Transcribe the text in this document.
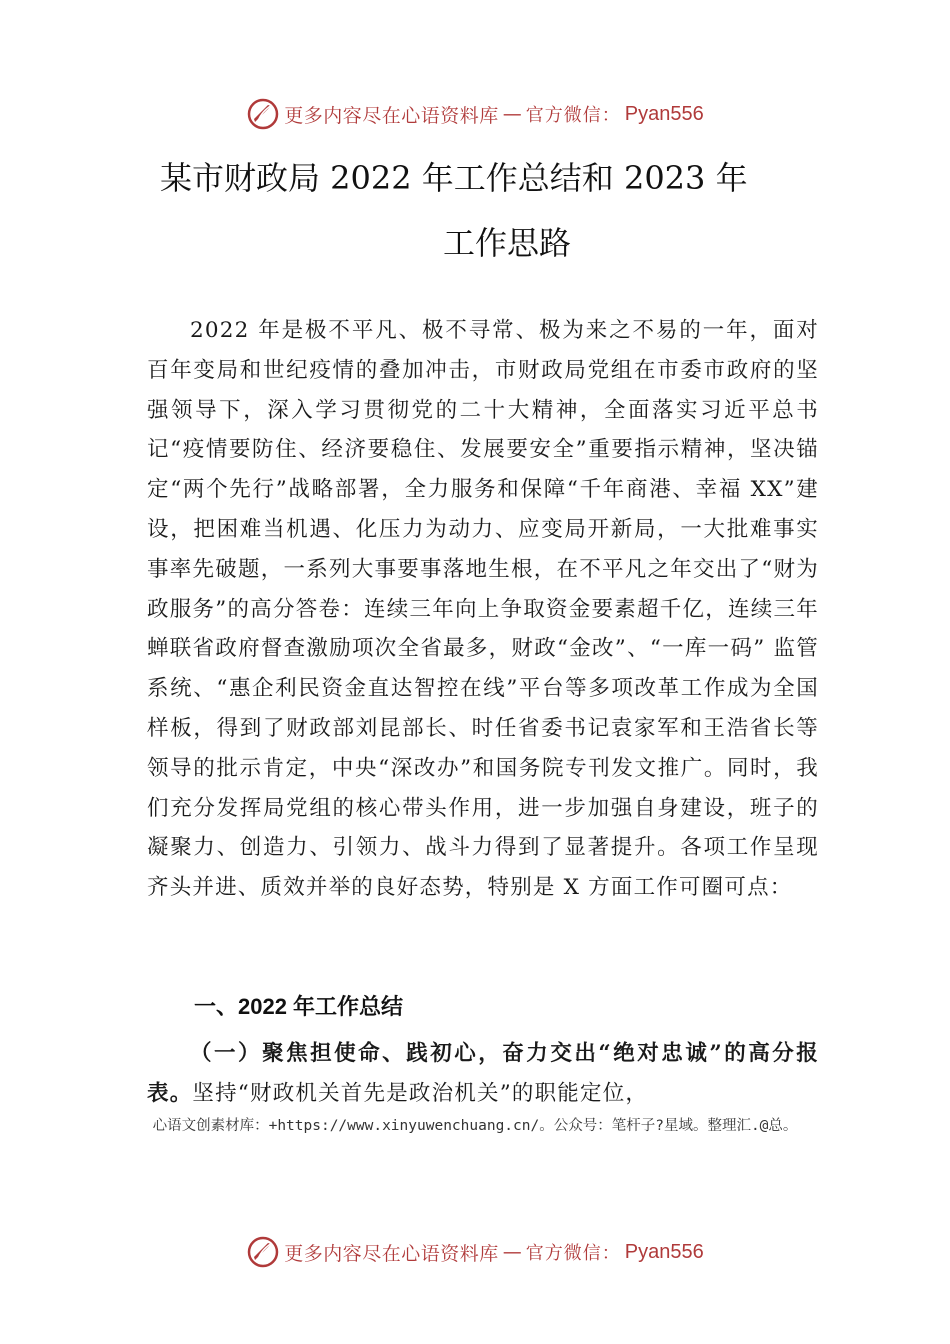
更多内容尽在心语资料库 — 官方微信： Pyan556
某市财政局 2022 年工作总结和 2023 年
工作思路

2022 年是极不平凡、极不寻常、极为来之不易的一年，面对百年变局和世纪疫情的叠加冲击，市财政局党组在市委市政府的坚强领导下，深入学习贯彻党的二十大精神，全面落实习近平总书记“疫情要防住、经济要稳住、发展要安全”重要指示精神，坚决锚定“两个先行”战略部署，全力服务和保障“千年商港、幸福 XX”建设，把困难当机遇、化压力为动力、应变局开新局，一大批难事实事率先破题，一系列大事要事落地生根，在不平凡之年交出了“财为政服务”的高分答卷：连续三年向上争取资金要素超千亿，连续三年蝉联省政府督查激励项次全省最多，财政“金改”、“一库一码” 监管系统、“惠企利民资金直达智控在线”平台等多项改革工作成为全国样板，得到了财政部刘昆部长、时任省委书记袁家军和王浩省长等领导的批示肯定，中央“深改办”和国务院专刊发文推广。同时，我们充分发挥局党组的核心带头作用，进一步加强自身建设，班子的凝聚力、创造力、引领力、战斗力得到了显著提升。各项工作呈现齐头并进、质效并举的良好态势，特别是 X 方面工作可圈可点：

一、2022 年工作总结

（一）聚焦担使命、践初心，奋力交出“绝对忠诚”的高分报表。坚持“财政机关首先是政治机关”的职能定位，

心语文创素材库：+https://www.xinyuwenchuang.cn/。公众号：笔杆子?星域。整理汇.@总。
更多内容尽在心语资料库 — 官方微信： Pyan556
